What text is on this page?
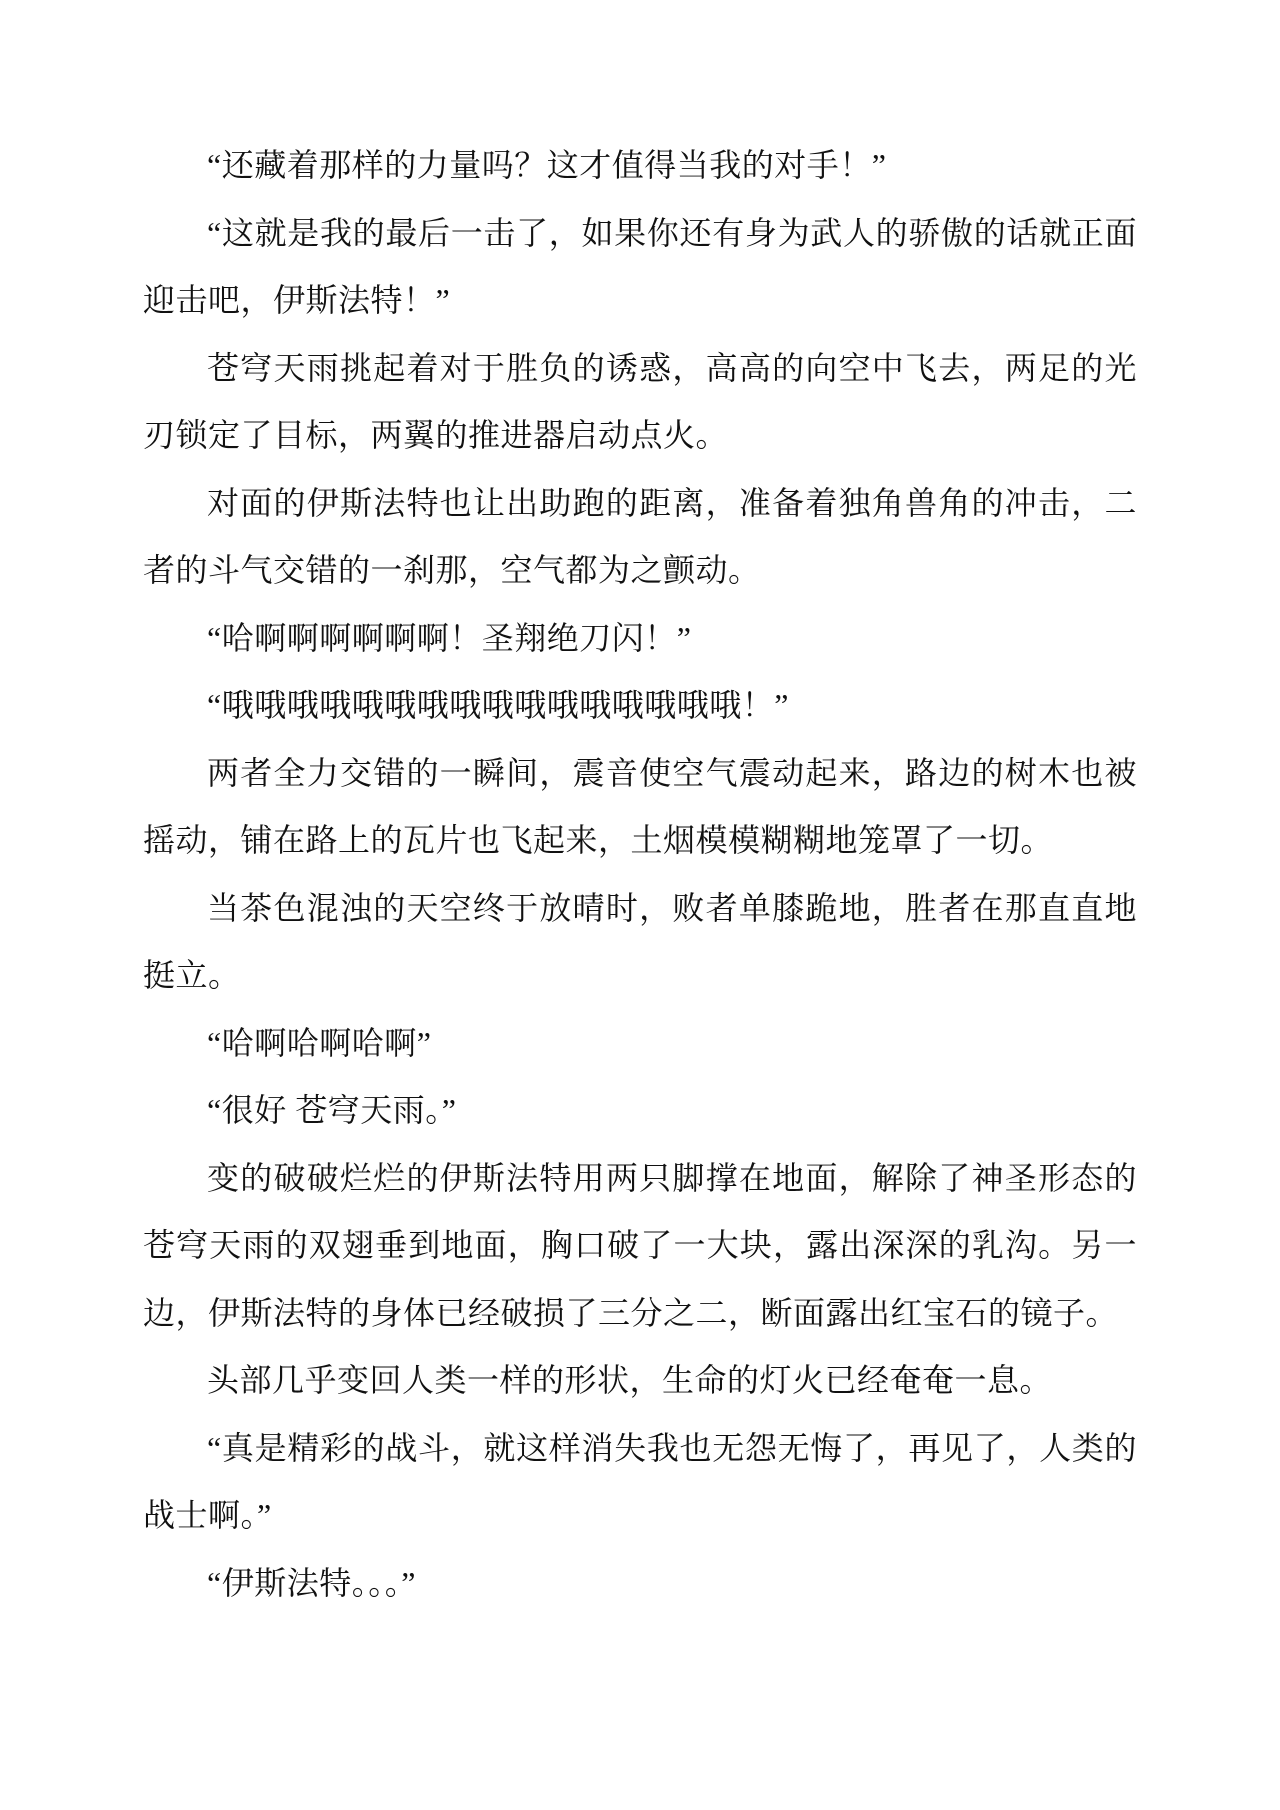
“还藏着那样的力量吗？这才值得当我的对手！”

“这就是我的最后一击了，如果你还有身为武人的骄傲的话就正面迎击吧，伊斯法特！”

苍穹天雨挑起着对于胜负的诱惑，高高的向空中飞去，两足的光刃锁定了目标，两翼的推进器启动点火。

对面的伊斯法特也让出助跑的距离，准备着独角兽角的冲击，二者的斗气交错的一刹那，空气都为之颤动。

“哈啊啊啊啊啊啊！圣翔绝刀闪！”

“哦哦哦哦哦哦哦哦哦哦哦哦哦哦哦哦！”

两者全力交错的一瞬间，震音使空气震动起来，路边的树木也被摇动，铺在路上的瓦片也飞起来，土烟模模糊糊地笼罩了一切。

当茶色混浊的天空终于放晴时，败者单膝跪地，胜者在那直直地挺立。

“哈啊哈啊哈啊”

“很好 苍穹天雨。”

变的破破烂烂的伊斯法特用两只脚撑在地面，解除了神圣形态的苍穹天雨的双翅垂到地面，胸口破了一大块，露出深深的乳沟。另一边，伊斯法特的身体已经破损了三分之二，断面露出红宝石的镜子。

头部几乎变回人类一样的形状，生命的灯火已经奄奄一息。

“真是精彩的战斗，就这样消失我也无怨无悔了，再见了，人类的战士啊。”

“伊斯法特。。。”
